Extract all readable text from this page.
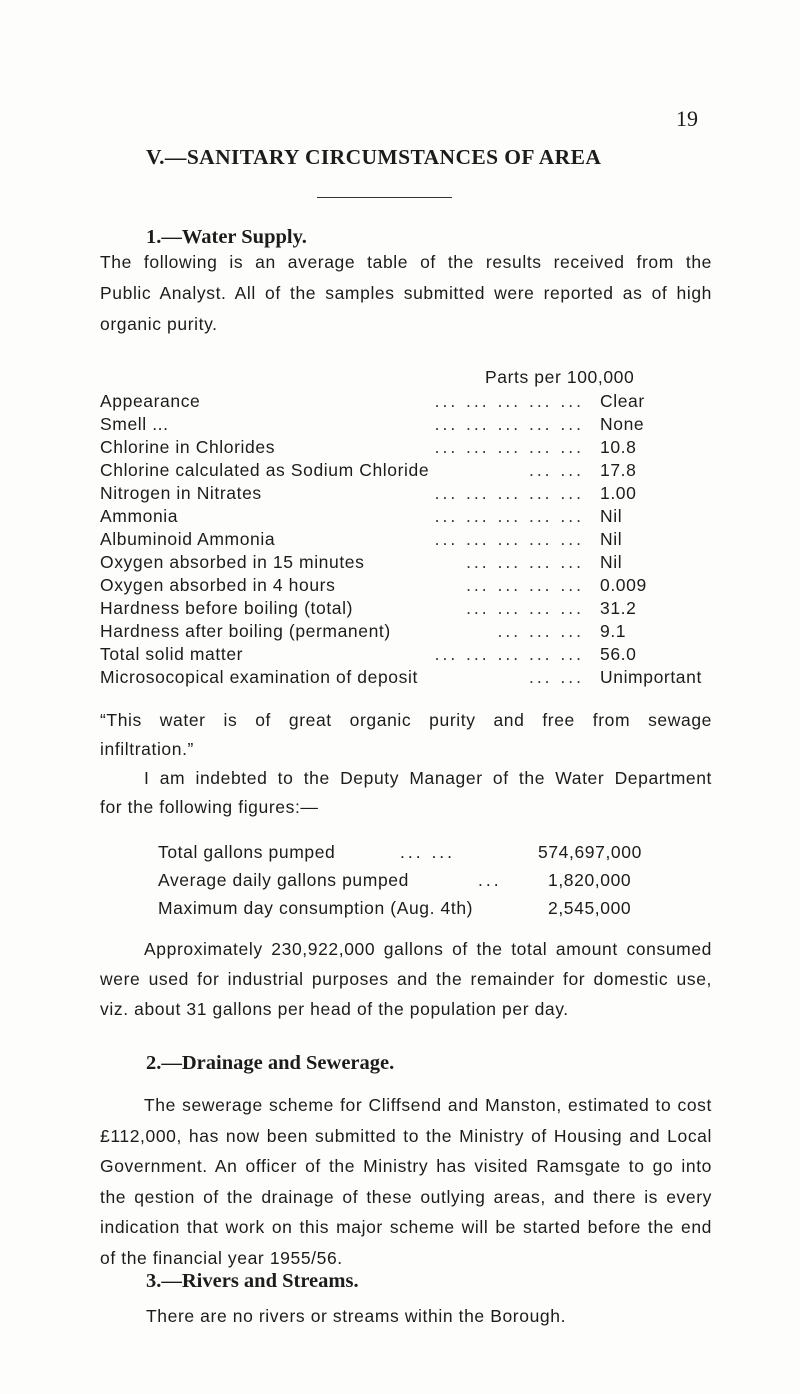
19
V.—SANITARY CIRCUMSTANCES OF AREA
1.—Water Supply.
The following is an average table of the results received from the
Public Analyst. All of the samples submitted were reported as of high
organic purity.
Parts per 100,000
Appearance	... ... ... ... ... Clear
Smell ...	... ... ... ... ... None
Chlorine in Chlorides	... ... ... ... ... 10.8
Chlorine calculated as Sodium Chloride	... ... 17.8
Nitrogen in Nitrates	... ... ... ... ... 1.00
Ammonia	... ... ... ... ... Nil
Albuminoid Ammonia	... ... ... ... ... Nil
Oxygen absorbed in 15 minutes	... ... ... ... Nil
Oxygen absorbed in 4 hours	... ... ... ... 0.009
Hardness before boiling (total)	... ... ... ... 31.2
Hardness after boiling (permanent)	... ... ... 9.1
Total solid matter	... ... ... ... ... 56.0
Microsocopical examination of deposit	... ... Unimportant
“This water is of great organic purity and free from sewage
infiltration.”
I am indebted to the Deputy Manager of the Water Department
for the following figures:—
Total gallons pumped	... ...	574,697,000
Average daily gallons pumped	...	1,820,000
Maximum day consumption (Aug. 4th)	2,545,000
Approximately 230,922,000 gallons of the total amount consumed
were used for industrial purposes and the remainder for domestic use,
viz. about 31 gallons per head of the population per day.
2.—Drainage and Sewerage.
The sewerage scheme for Cliffsend and Manston, estimated to cost
£112,000, has now been submitted to the Ministry of Housing and Local
Government. An officer of the Ministry has visited Ramsgate to go into
the qestion of the drainage of these outlying areas, and there is every
indication that work on this major scheme will be started before the end
of the financial year 1955/56.
3.—Rivers and Streams.
There are no rivers or streams within the Borough.
